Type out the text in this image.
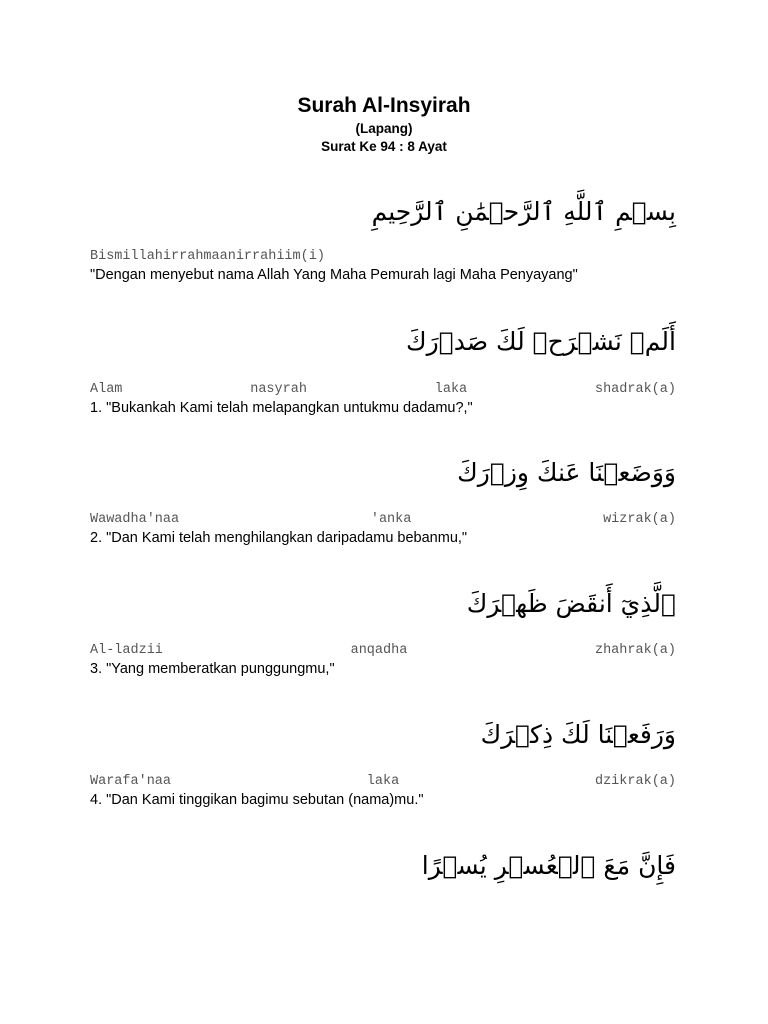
Surah Al-Insyirah

(Lapang)

Surat Ke 94 : 8 Ayat

بِسۡمِ ٱللَّهِ ٱلرَّحۡمَٰنِ ٱلرَّحِيمِ

Bismillahirrahmaanirrahiim(i)

"Dengan menyebut nama Allah Yang Maha Pemurah lagi Maha Penyayang"

أَلَمۡ نَشۡرَحۡ لَكَ صَدۡرَكَ

Alam	nasyrah	laka	shadrak(a)

1. "Bukankah Kami telah melapangkan untukmu dadamu?,"

وَوَضَعۡنَا عَنكَ وِزۡرَكَ

Wawadha'naa	'anka	wizrak(a)

2. "Dan Kami telah menghilangkan daripadamu bebanmu,"

ٱلَّذِيٓ أَنقَضَ ظَهۡرَكَ

Al-ladzii	anqadha	zhahrak(a)

3. "Yang memberatkan punggungmu,"

وَرَفَعۡنَا لَكَ ذِكۡرَكَ

Warafa'naa	laka	dzikrak(a)

4. "Dan Kami tinggikan bagimu sebutan (nama)mu."

فَإِنَّ مَعَ ٱلۡعُسۡرِ يُسۡرًا
